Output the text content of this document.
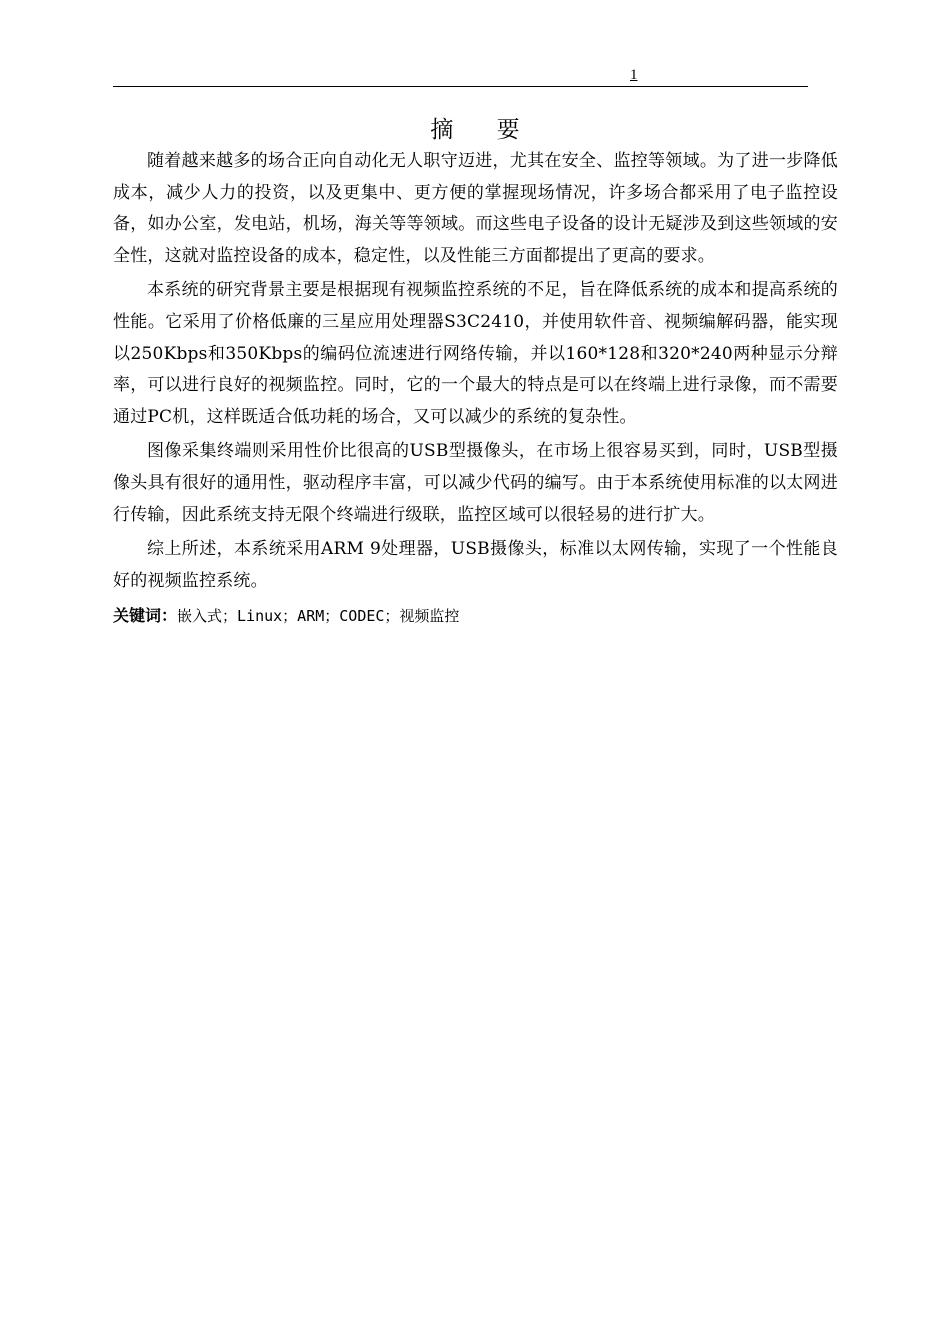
1
摘 要

随着越来越多的场合正向自动化无人职守迈进，尤其在安全、监控等领域。为了进一步降低成本，减少人力的投资，以及更集中、更方便的掌握现场情况，许多场合都采用了电子监控设备，如办公室，发电站，机场，海关等等领域。而这些电子设备的设计无疑涉及到这些领域的安全性，这就对监控设备的成本，稳定性，以及性能三方面都提出了更高的要求。

本系统的研究背景主要是根据现有视频监控系统的不足，旨在降低系统的成本和提高系统的性能。它采用了价格低廉的三星应用处理器S3C2410，并使用软件音、视频编解码器，能实现以250Kbps和350Kbps的编码位流速进行网络传输，并以160*128和320*240两种显示分辩率，可以进行良好的视频监控。同时，它的一个最大的特点是可以在终端上进行录像，而不需要通过PC机，这样既适合低功耗的场合，又可以减少的系统的复杂性。

图像采集终端则采用性价比很高的USB型摄像头，在市场上很容易买到，同时，USB型摄像头具有很好的通用性，驱动程序丰富，可以减少代码的编写。由于本系统使用标准的以太网进行传输，因此系统支持无限个终端进行级联，监控区域可以很轻易的进行扩大。

综上所述，本系统采用ARM 9处理器，USB摄像头，标准以太网传输，实现了一个性能良好的视频监控系统。

关键词：嵌入式；Linux；ARM；CODEC；视频监控
